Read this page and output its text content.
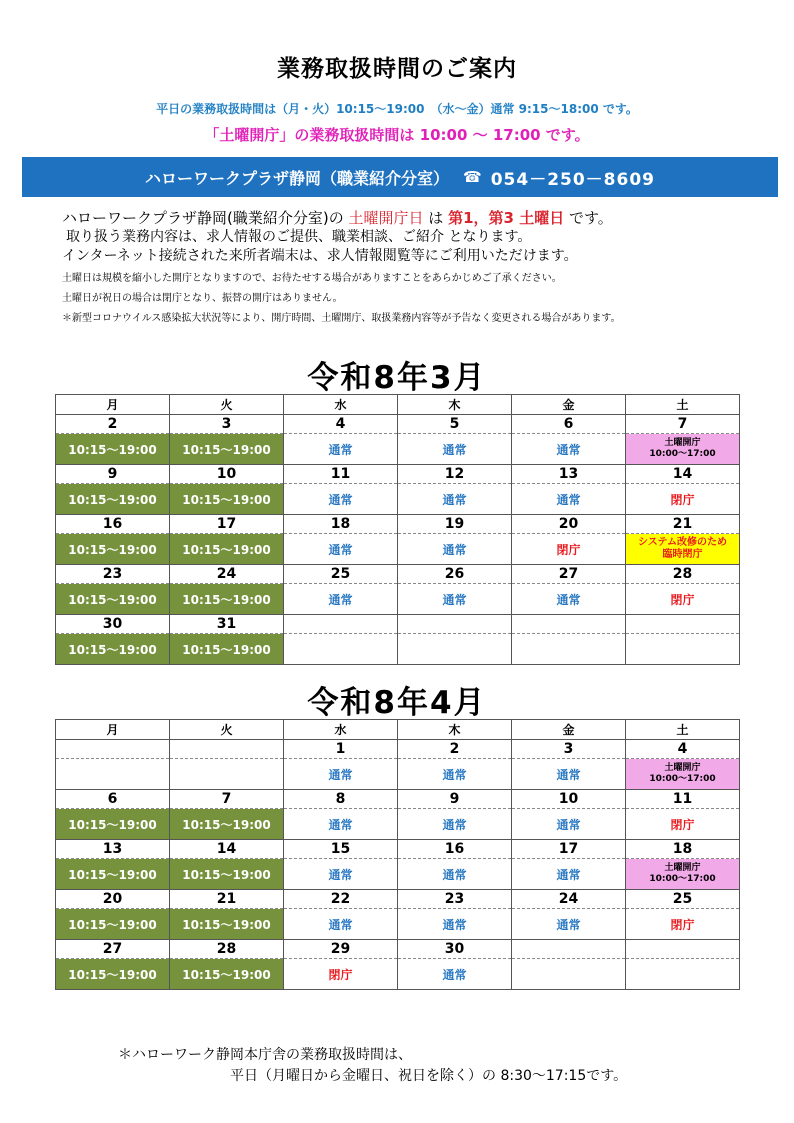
業務取扱時間のご案内
平日の業務取扱時間は（月・火）10:15～19:00　（水～金）通常 9:15～18:00 です。
「土曜開庁」の業務取扱時間は 10:00 ～ 17:00 です。
ハローワークプラザ静岡（職業紹介分室） ☎ 054－250－8609
ハローワークプラザ静岡(職業紹介分室)の 土曜開庁日 は 第1，第3 土曜日 です。
取り扱う業務内容は、求人情報のご提供、職業相談、ご紹介 となります。
インターネット接続された来所者端末は、求人情報閲覧等にご利用いただけます。
土曜日は規模を縮小した開庁となりますので、お待たせする場合がありますことをあらかじめご了承ください。
土曜日が祝日の場合は閉庁となり、振替の開庁はありません。
＊新型コロナウイルス感染拡大状況等により、開庁時間、土曜開庁、取扱業務内容等が予告なく変更される場合があります。
令和8年3月
月	火	水	木	金	土
2	3	4	5	6	7
10:15～19:00	10:15～19:00	通常	通常	通常	土曜開庁
10:00～17:00

9	10	11	12	13	14
10:15～19:00	10:15～19:00	通常	通常	通常	閉庁
16	17	18	19	20	21
10:15～19:00	10:15～19:00	通常	通常	閉庁	システム改修のため
臨時閉庁

23	24	25	26	27	28
10:15～19:00	10:15～19:00	通常	通常	通常	閉庁
30	31				
10:15～19:00	10:15～19:00				
令和8年4月
月	火	水	木	金	土
		1	2	3	4
		通常	通常	通常	土曜開庁
10:00～17:00

6	7	8	9	10	11
10:15～19:00	10:15～19:00	通常	通常	通常	閉庁
13	14	15	16	17	18
10:15～19:00	10:15～19:00	通常	通常	通常	土曜開庁
10:00～17:00

20	21	22	23	24	25
10:15～19:00	10:15～19:00	通常	通常	通常	閉庁
27	28	29	30		
10:15～19:00	10:15～19:00	閉庁	通常		
＊ハローワーク静岡本庁舎の業務取扱時間は、
平日（月曜日から金曜日、祝日を除く）の 8:30～17:15です。
